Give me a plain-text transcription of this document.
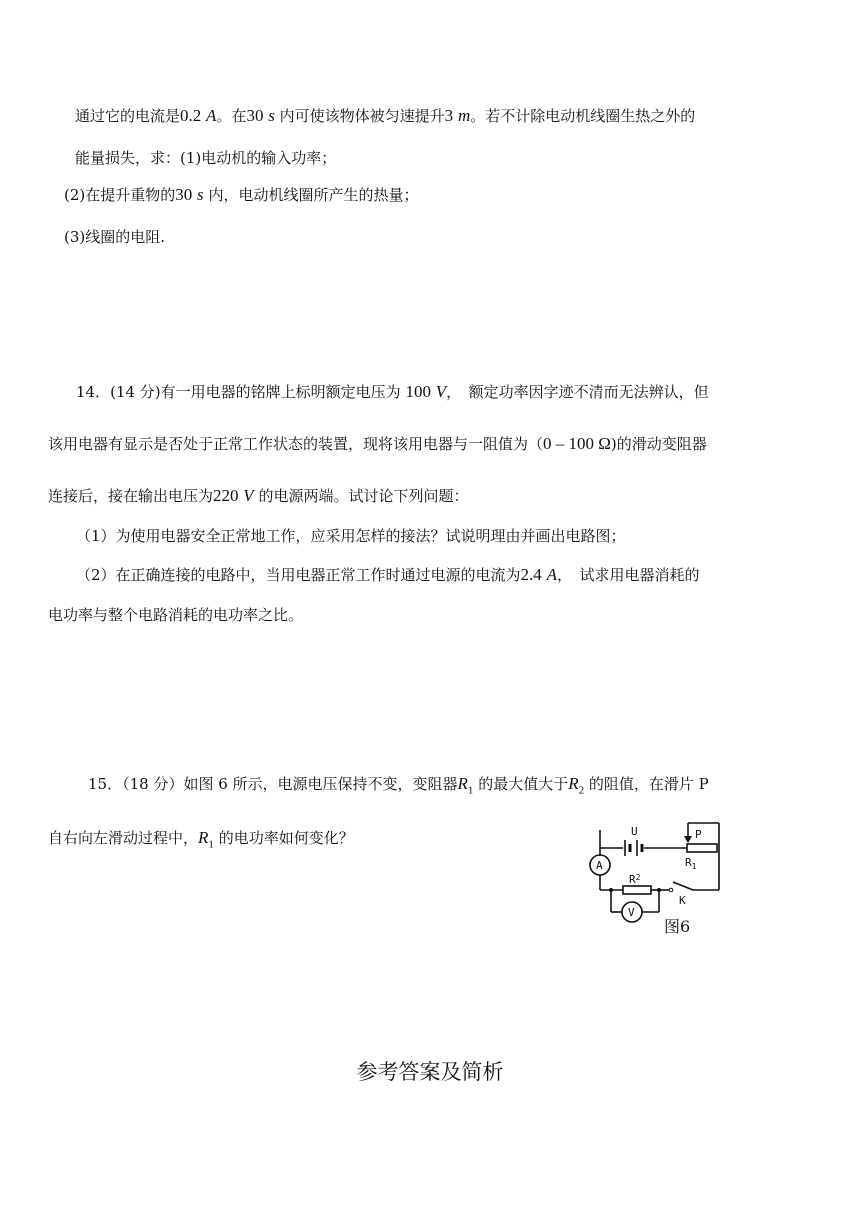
通过它的电流是0.2 A。在30 s 内可使该物体被匀速提升3 m。若不计除电动机线圈生热之外的
能量损失，求：(1)电动机的输入功率；
(2)在提升重物的30 s 内，电动机线圈所产生的热量；
(3)线圈的电阻.
14．(14 分)有一用电器的铭牌上标明额定电压为 100 V，　额定功率因字迹不清而无法辨认，但
该用电器有显示是否处于正常工作状态的装置，现将该用电器与一阻值为（0 – 100 Ω)的滑动变阻器
连接后，接在输出电压为220 V 的电源两端。试讨论下列问题：
（1）为使用电器安全正常地工作，应采用怎样的接法？试说明理由并画出电路图；
（2）在正确连接的电路中，当用电器正常工作时通过电源的电流为2.4 A，　试求用电器消耗的
电功率与整个电路消耗的电功率之比。
15．（18 分）如图 6 所示，电源电压保持不变，变阻器$R_1$ 的最大值大于$R_2$ 的阻值，在滑片 P
自右向左滑动过程中，$R_1$ 的电功率如何变化？	U	P
$R_1$
A
$R^2$
K
V
图6
参考答案及简析
